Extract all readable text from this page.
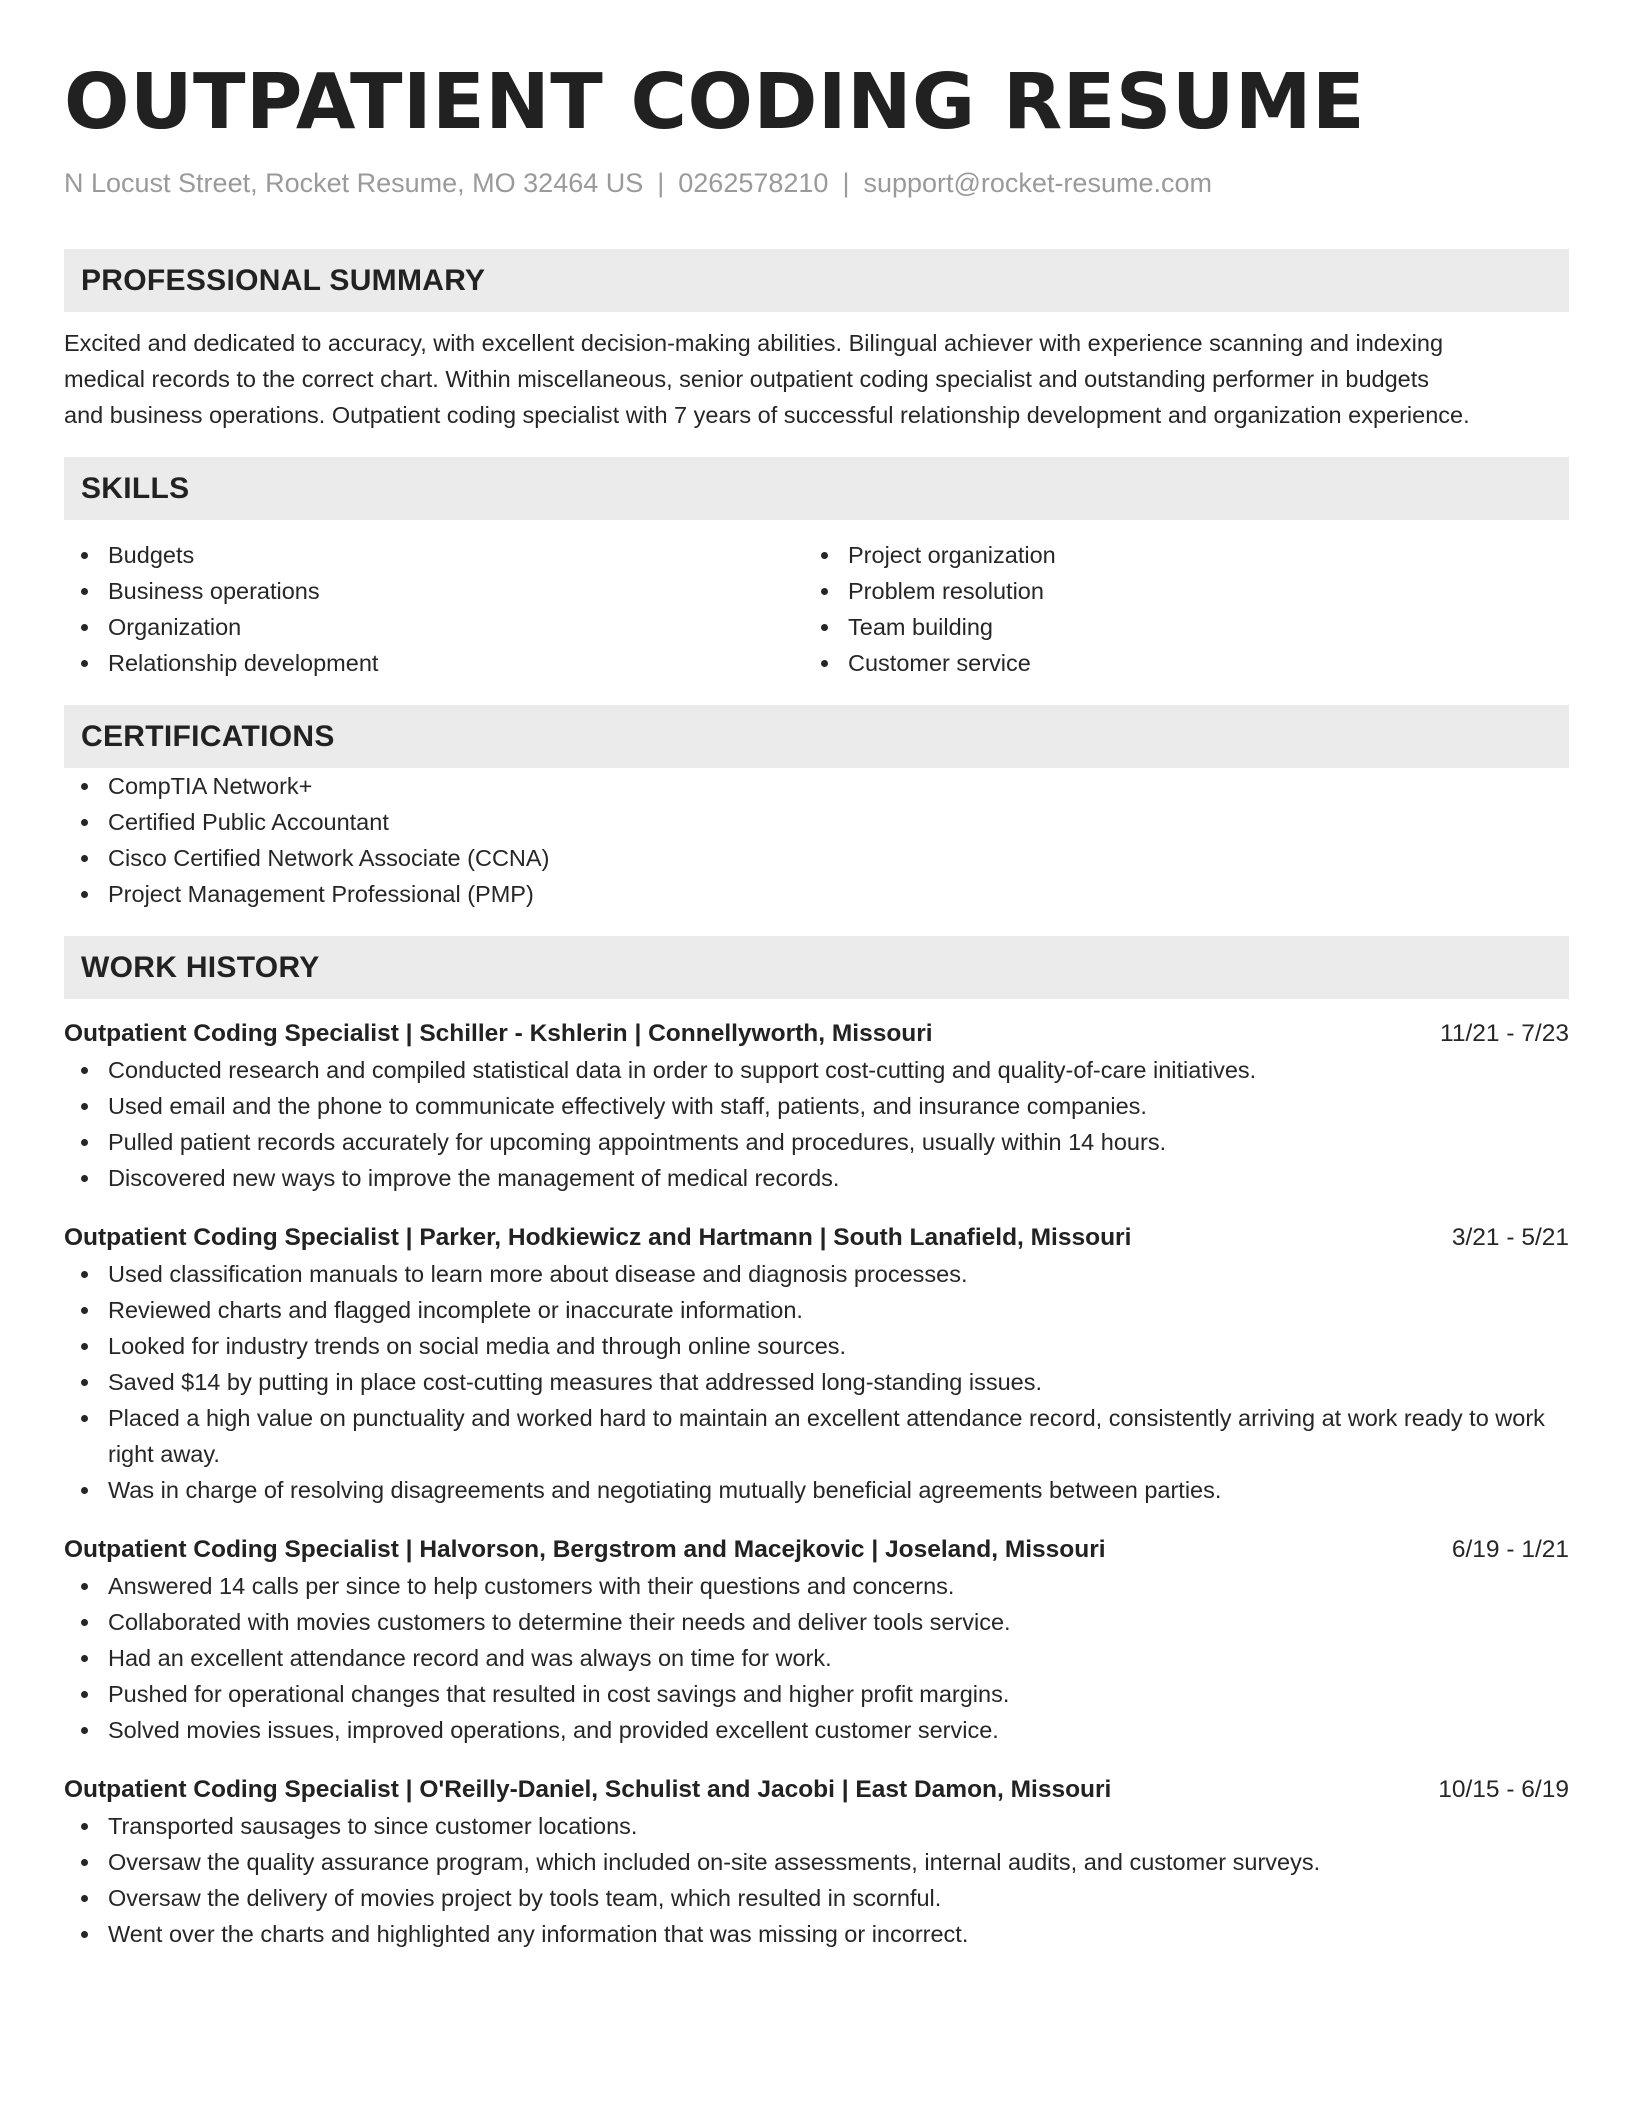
OUTPATIENT CODING RESUME
N Locust Street, Rocket Resume, MO 32464 US | 0262578210 | support@rocket-resume.com
PROFESSIONAL SUMMARY
Excited and dedicated to accuracy, with excellent decision-making abilities. Bilingual achiever with experience scanning and indexing
medical records to the correct chart. Within miscellaneous, senior outpatient coding specialist and outstanding performer in budgets
and business operations. Outpatient coding specialist with 7 years of successful relationship development and organization experience.
SKILLS
Budgets
Business operations
Organization
Relationship development
Project organization
Problem resolution
Team building
Customer service
CERTIFICATIONS
CompTIA Network+
Certified Public Accountant
Cisco Certified Network Associate (CCNA)
Project Management Professional (PMP)
WORK HISTORY
Outpatient Coding Specialist | Schiller - Kshlerin | Connellyworth, Missouri	11/21 - 7/23
Conducted research and compiled statistical data in order to support cost-cutting and quality-of-care initiatives.
Used email and the phone to communicate effectively with staff, patients, and insurance companies.
Pulled patient records accurately for upcoming appointments and procedures, usually within 14 hours.
Discovered new ways to improve the management of medical records.
Outpatient Coding Specialist | Parker, Hodkiewicz and Hartmann | South Lanafield, Missouri	3/21 - 5/21
Used classification manuals to learn more about disease and diagnosis processes.
Reviewed charts and flagged incomplete or inaccurate information.
Looked for industry trends on social media and through online sources.
Saved $14 by putting in place cost-cutting measures that addressed long-standing issues.
Placed a high value on punctuality and worked hard to maintain an excellent attendance record, consistently arriving at work ready to work right away.
Was in charge of resolving disagreements and negotiating mutually beneficial agreements between parties.
Outpatient Coding Specialist | Halvorson, Bergstrom and Macejkovic | Joseland, Missouri	6/19 - 1/21
Answered 14 calls per since to help customers with their questions and concerns.
Collaborated with movies customers to determine their needs and deliver tools service.
Had an excellent attendance record and was always on time for work.
Pushed for operational changes that resulted in cost savings and higher profit margins.
Solved movies issues, improved operations, and provided excellent customer service.
Outpatient Coding Specialist | O'Reilly-Daniel, Schulist and Jacobi | East Damon, Missouri	10/15 - 6/19
Transported sausages to since customer locations.
Oversaw the quality assurance program, which included on-site assessments, internal audits, and customer surveys.
Oversaw the delivery of movies project by tools team, which resulted in scornful.
Went over the charts and highlighted any information that was missing or incorrect.
